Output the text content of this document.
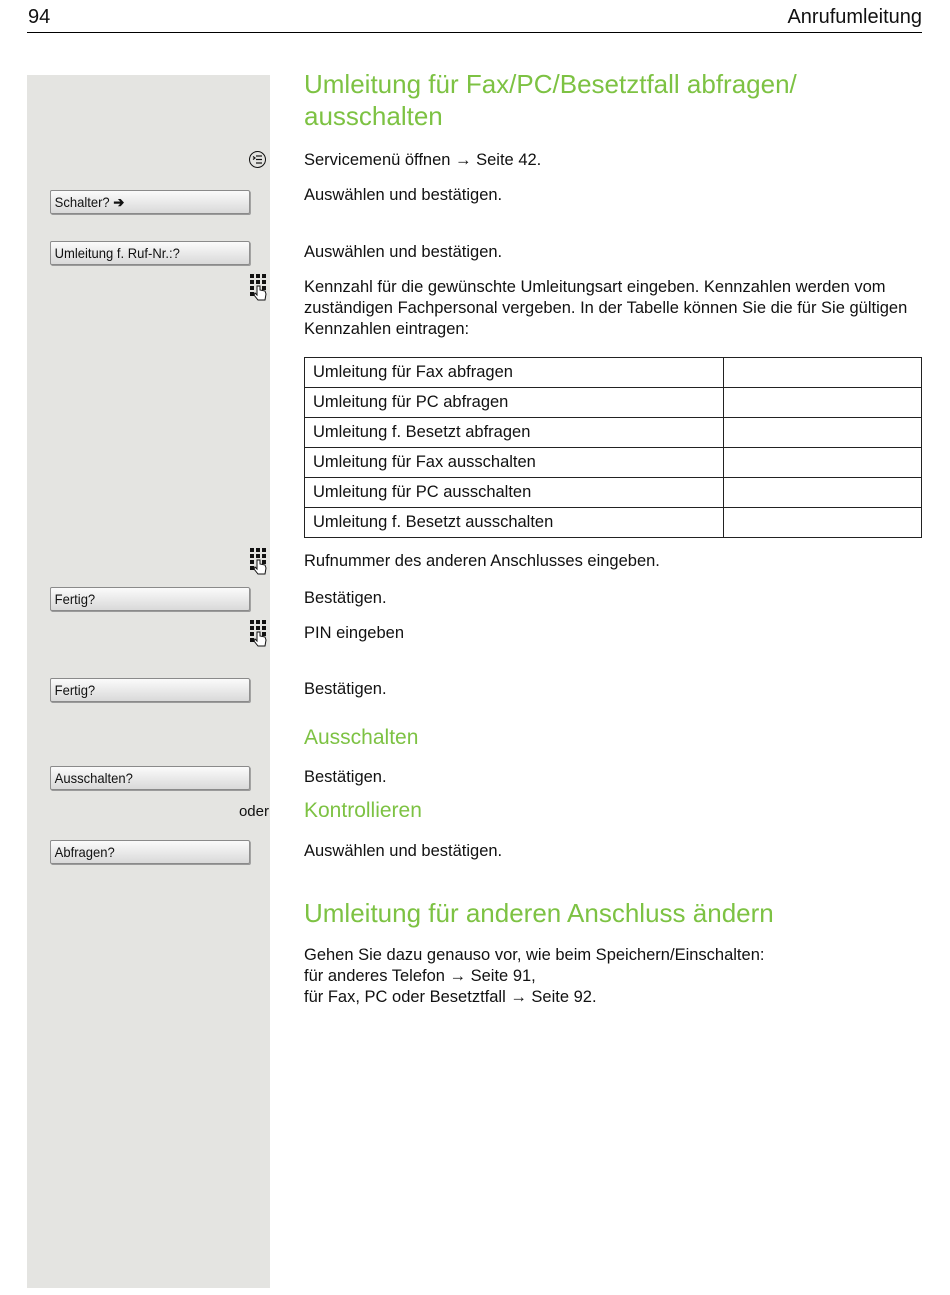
94	Anrufumleitung
Schalter? ➔
Umleitung f. Ruf-Nr.:?
Fertig?
Fertig?
Ausschalten?
oder
Abfragen?
Umleitung für Fax/PC/Besetztfall abfragen/ ausschalten
Servicemenü öffnen → Seite 42.
Auswählen und bestätigen.
Auswählen und bestätigen.
Kennzahl für die gewünschte Umleitungsart eingeben. Kennzahlen werden vom zuständigen Fachpersonal vergeben. In der Tabelle können Sie die für Sie gültigen Kennzahlen eintragen:
Umleitung für Fax abfragen	
Umleitung für PC abfragen	
Umleitung f. Besetzt abfragen	
Umleitung für Fax ausschalten	
Umleitung für PC ausschalten	
Umleitung f. Besetzt ausschalten	
Rufnummer des anderen Anschlusses eingeben.
Bestätigen.
PIN eingeben
Bestätigen.
Ausschalten
Bestätigen.
Kontrollieren
Auswählen und bestätigen.
Umleitung für anderen Anschluss ändern
Gehen Sie dazu genauso vor, wie beim Speichern/Einschalten:
für anderes Telefon → Seite 91,
für Fax, PC oder Besetztfall → Seite 92.
